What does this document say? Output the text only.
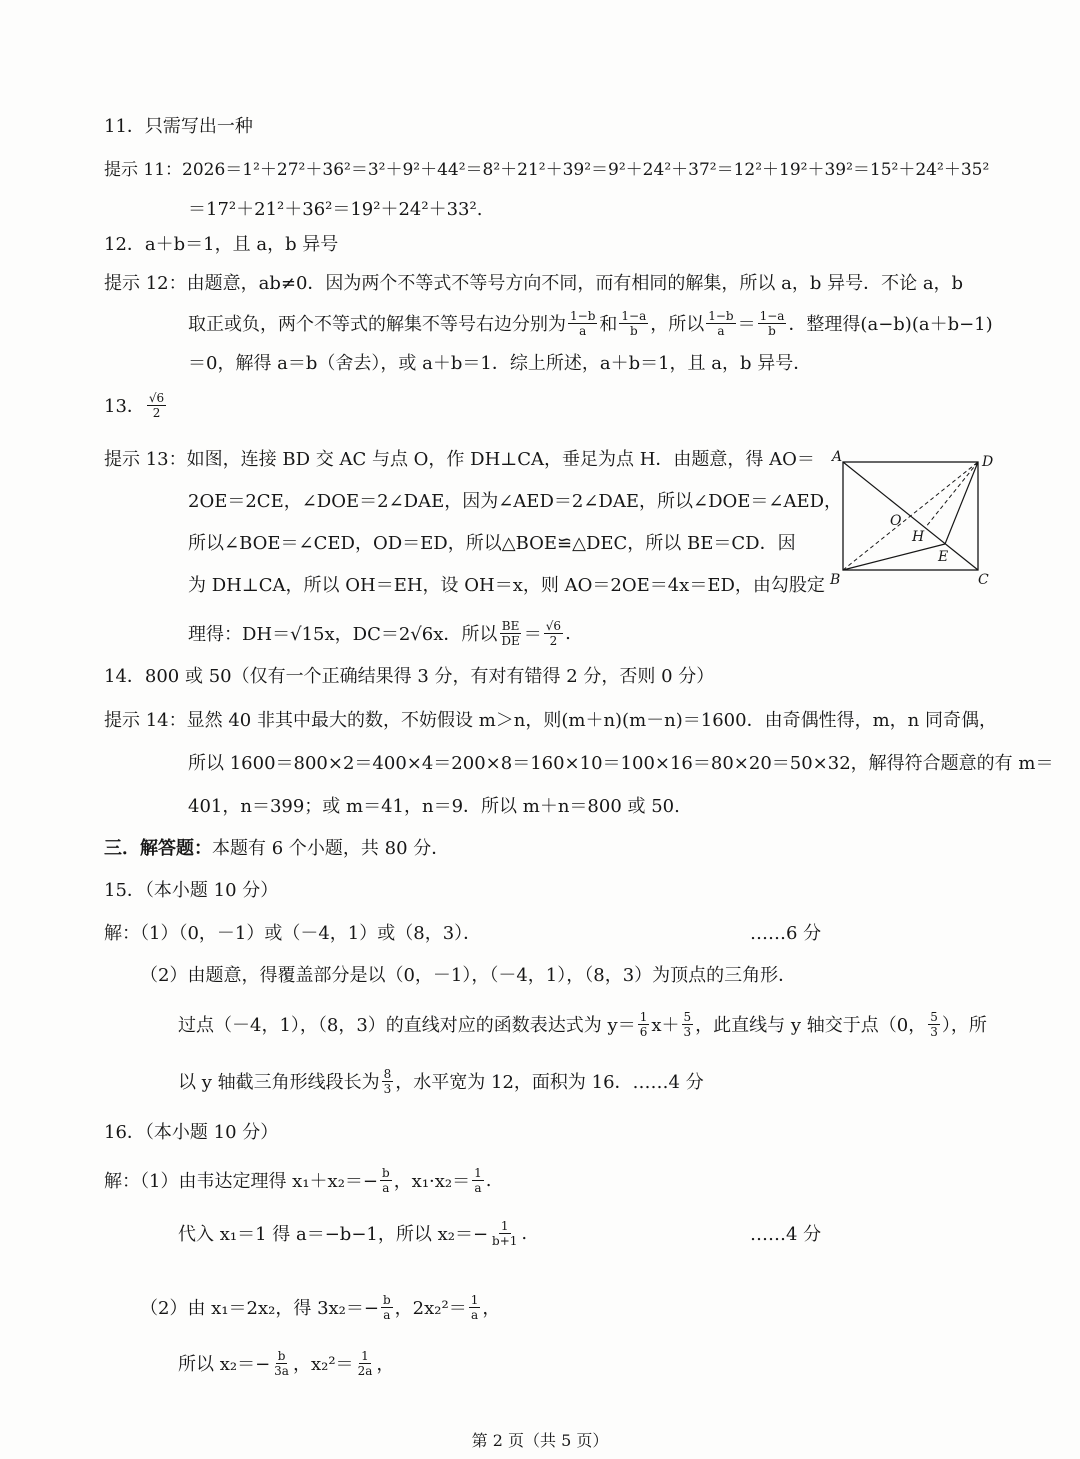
11．只需写出一种
提示 11：2026＝1²＋27²＋36²＝3²＋9²＋44²＝8²＋21²＋39²＝9²＋24²＋37²＝12²＋19²＋39²＝15²＋24²＋35²
＝17²＋21²＋36²＝19²＋24²＋33².
12．a＋b＝1，且 a，b 异号
提示 12：由题意，ab≠0．因为两个不等式不等号方向不同，而有相同的解集，所以 a，b 异号．不论 a，b
取正或负，两个不等式的解集不等号右边分别为 $\frac{1-b}{a}$ 和 $\frac{1-a}{b}$ ，所以 $\frac{1-b}{a} = \frac{1-a}{b}$ ．整理得(a−b)(a＋b−1)
＝0，解得 a＝b（舍去），或 a＋b＝1．综上所述，a＋b＝1，且 a，b 异号．
13． $\frac{√6}{2}$
提示 13：如图，连接 BD 交 AC 与点 O，作 DH⊥CA，垂足为点 H．由题意，得 AO＝
2OE＝2CE，∠DOE＝2∠DAE，因为∠AED＝2∠DAE，所以∠DOE＝∠AED，
所以∠BOE＝∠CED，OD＝ED，所以△BOE≌△DEC，所以 BE＝CD．因
为 DH⊥CA，所以 OH＝EH，设 OH＝x，则 AO＝2OE＝4x＝ED，由勾股定
理得：DH＝√15x，DC＝2√6x．所以 $\frac{BE}{DE} = \frac{√6}{2}$ .
A	D
O
H
E
B	C
14．800 或 50（仅有一个正确结果得 3 分，有对有错得 2 分，否则 0 分）
提示 14：显然 40 非其中最大的数，不妨假设 m＞n，则(m＋n)(m－n)＝1600．由奇偶性得，m，n 同奇偶，
所以 1600＝800×2＝400×4＝200×8＝160×10＝100×16＝80×20＝50×32，解得符合题意的有 m＝
401，n＝399；或 m＝41，n＝9．所以 m＋n＝800 或 50.
三．解答题： 本题有 6 个小题，共 80 分．
15．（本小题 10 分）
解：（1）（0，－1）或（－4，1）或（8，3）．	……6 分
（2）由题意，得覆盖部分是以（0，－1），（－4，1），（8，3）为顶点的三角形．
过点（－4，1），（8，3）的直线对应的函数表达式为 $y= \frac{1}{6} x+ \frac{5}{3}$ ，此直线与 y 轴交于点（0， $\frac{5}{3}$ ），所
以 y 轴截三角形线段长为 $\frac{8}{3}$ ，水平宽为 12，面积为 16．……4 分
16．（本小题 10 分）
解：（1）由韦达定理得 $x_1+x_2=- \frac{b}{a}$ ，$x_1\cdot x_2= \frac{1}{a}$ .
代入 x₁＝1 得 a＝−b−1，所以 $x_2=- \frac{1}{b+1}$ .	……4 分
（2）由 x₁＝2x₂，得 $3x_2=- \frac{b}{a}$ ，$2x_2^2= \frac{1}{a}$ ，
所以 $x_2=- \frac{b}{3a}$ ，$x_2^2= \frac{1}{2a}$ ，
第 2 页（共 5 页）
